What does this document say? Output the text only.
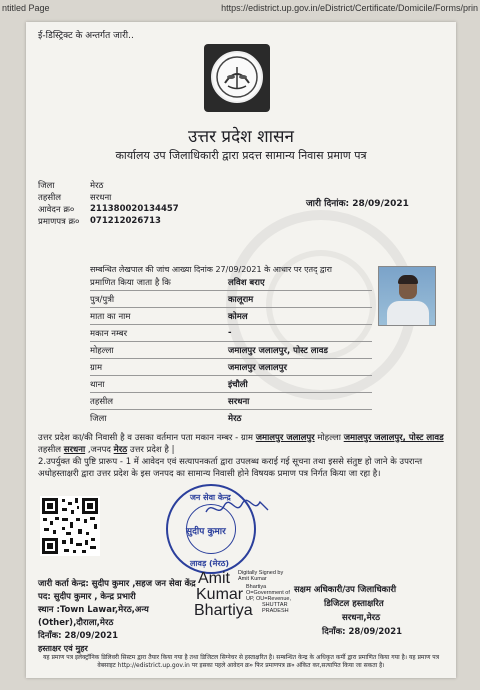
ntitled Page	https://edistrict.up.gov.in/eDistrict/Certificate/Domicile/Forms/prin
ई-डिस्ट्रिक्ट के अन्तर्गत जारी..
उत्तर प्रदेश शासन
कार्यालय उप जिलाधिकारी द्वारा प्रदत्त सामान्य निवास प्रमाण पत्र
जिला	मेरठ
तहसील	सरधना
आवेदन क्र० 211380020134457
प्रमाणपत्र क्र० 071212026713
जारी दिनांक: 28/09/2021
सम्बन्धित लेखपाल की जांच आख्या दिनांक 27/09/2021 के आधार पर एतद् द्वारा
प्रमाणित किया जाता है कि	लविश बराए
पुत्र/पुत्री	कालूराम
माता का नाम	कोमल
मकान नम्बर	-
मोहल्ला	जमालपुर जलालपुर, पोस्ट लावड
ग्राम	जमालपुर जलालपुर
थाना	इंचौली
तहसील	सरधना
जिला	मेरठ
उत्तर प्रदेश का/की निवासी है व उसका वर्तमान पता मकान नम्बर - ग्राम जमालपुर जलालपुर मोहल्ला जमालपुर जलालपुर, पोस्ट लावड तहसील सरधना ,जनपद मेरठ उत्तर प्रदेश है |
2.उपर्युक्त की पुष्टि प्रारूप - 1 में आवेदन एवं सत्यापनकर्ता द्वारा उपलब्ध कराई गई सूचना तथा इससे संतुष्ट हो जाने के उपरान्त अधोहस्ताक्षरी द्वारा उत्तर प्रदेश के इस जनपद का सामान्य निवासी होने विषयक प्रमाण पत्र निर्गत किया जा रहा है।
जन सेवा केन्द्र
सुदीप कुमार
लावड़ (मेरठ)
जारी कर्ता केन्द्र: सुदीप कुमार ,सहज जन सेवा केंद्र
पद: सुदीप कुमार , केन्द्र प्रभारी
स्थान :Town Lawar,मेरठ,अन्य
(Other),दौराला,मेरठ
दिनाँक: 28/09/2021
हस्ताक्षर एवं मुहर
Amit Digitally Signed by
Amit Kumar
Kumar Bhartiya
O=Government of
UP, OU=Revenue,
Bhartiya SHUTTAR
PRADESH
सक्षम अधिकारी/उप जिलाधिकारी
डिजिटल हस्ताक्षरित
सरधना,मेरठ
दिनाँक: 28/09/2021
यह प्रमाण पत्र इलेक्ट्रॉनिक डिलिवरी सिस्टम द्वारा तैयार किया गया है तथा डिजिटल सिग्नेचर से हस्ताक्षरित है। सम्बन्धित केन्द्र के अधिकृत कर्मी द्वारा प्रमाणित किया गया है। यह प्रमाण पत्र वेबसाइट http://edistrict.up.gov.in पर इसका पहले आवेदन क्र० फिर प्रमाणपत्र क्र० अंकित कर,सत्यापित किया जा सकता है।
